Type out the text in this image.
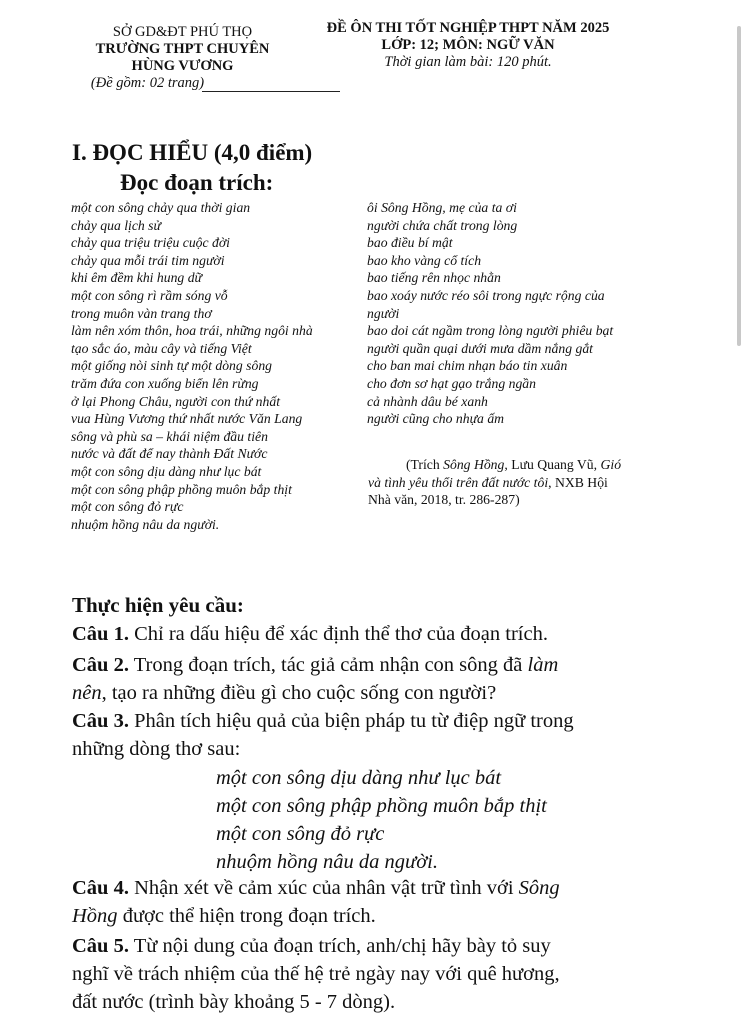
SỞ GD&ĐT PHÚ THỌ
TRƯỜNG THPT CHUYÊN
HÙNG VƯƠNG
(Đề gồm: 02 trang)
ĐỀ ÔN THI TỐT NGHIỆP THPT NĂM 2025
LỚP: 12; MÔN: NGỮ VĂN
Thời gian làm bài: 120 phút.
I. ĐỌC HIỂU (4,0 điểm)
Đọc đoạn trích:
một con sông chảy qua thời gian
chảy qua lịch sử
chảy qua triệu triệu cuộc đời
chảy qua mỗi trái tim người
khi êm đềm khi hung dữ
một con sông rì rầm sóng vỗ
trong muôn vàn trang thơ
làm nên xóm thôn, hoa trái, những ngôi nhà
tạo sắc áo, màu cây và tiếng Việt
một giống nòi sinh tự một dòng sông
trăm đứa con xuống biển lên rừng
ở lại Phong Châu, người con thứ nhất
vua Hùng Vương thứ nhất nước Văn Lang
sông và phù sa – khái niệm đầu tiên
nước và đất để nay thành Đất Nước
một con sông dịu dàng như lục bát
một con sông phập phồng muôn bắp thịt
một con sông đỏ rực
nhuộm hồng nâu da người.
ôi Sông Hồng, mẹ của ta ơi
người chứa chất trong lòng
bao điều bí mật
bao kho vàng cổ tích
bao tiếng rên nhọc nhằn
bao xoáy nước réo sôi trong ngực rộng của
người
bao doi cát ngầm trong lòng người phiêu bạt
người quần quại dưới mưa dầm nắng gắt
cho ban mai chim nhạn báo tin xuân
cho đơn sơ hạt gạo trắng ngần
cả nhành dâu bé xanh
người cũng cho nhựa ấm
(Trích Sông Hồng, Lưu Quang Vũ, Gió
và tình yêu thổi trên đất nước tôi, NXB Hội
Nhà văn, 2018, tr. 286-287)
Thực hiện yêu cầu:
Câu 1. Chỉ ra dấu hiệu để xác định thể thơ của đoạn trích.
Câu 2. Trong đoạn trích, tác giả cảm nhận con sông đã làm
nên, tạo ra những điều gì cho cuộc sống con người?
Câu 3. Phân tích hiệu quả của biện pháp tu từ điệp ngữ trong
những dòng thơ sau:
một con sông dịu dàng như lục bát
một con sông phập phồng muôn bắp thịt
một con sông đỏ rực
nhuộm hồng nâu da người.
Câu 4. Nhận xét về cảm xúc của nhân vật trữ tình với Sông
Hồng được thể hiện trong đoạn trích.
Câu 5. Từ nội dung của đoạn trích, anh/chị hãy bày tỏ suy
nghĩ về trách nhiệm của thế hệ trẻ ngày nay với quê hương,
đất nước (trình bày khoảng 5 - 7 dòng).
